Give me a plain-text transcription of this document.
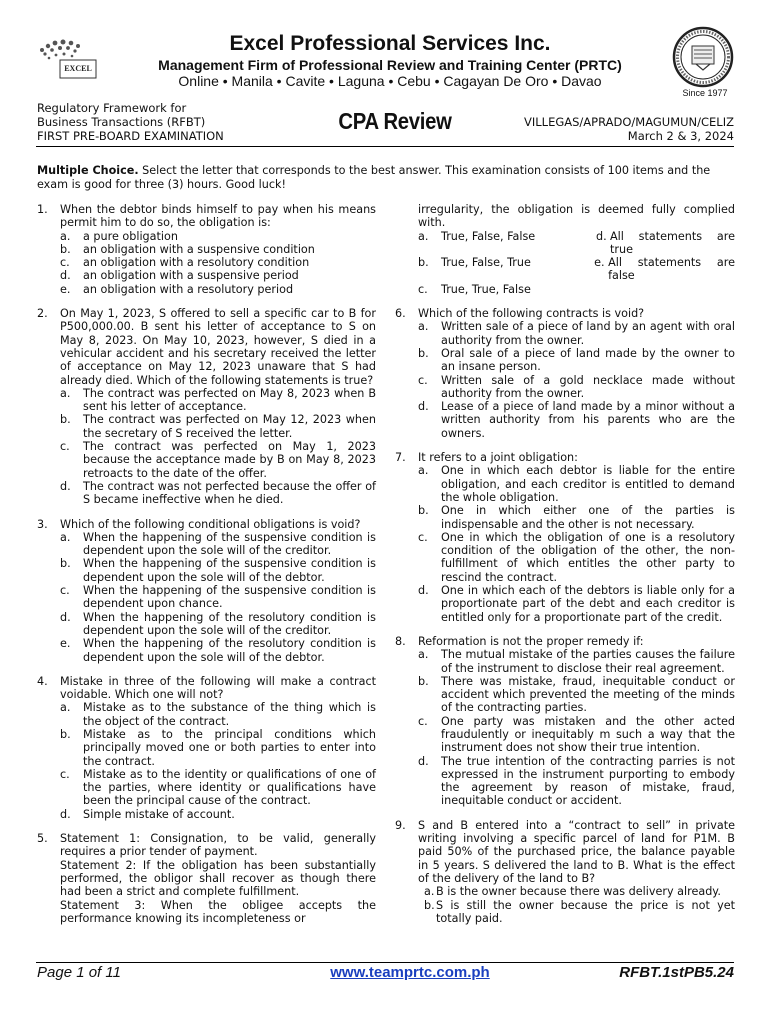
EXCEL
Since 1977
Excel Professional Services Inc.
Management Firm of Professional Review and Training Center (PRTC)
Online • Manila • Cavite • Laguna • Cebu • Cagayan De Oro • Davao
Regulatory Framework for
Business Transactions (RFBT)
FIRST PRE-BOARD EXAMINATION
CPA Review	VILLEGAS/APRADO/MAGUMUN/CELIZ
March 2 & 3, 2024
Multiple Choice. Select the letter that corresponds to the best answer. This examination consists of 100 items and the exam is good for three (3) hours. Good luck!
1. When the debtor binds himself to pay when his means permit him to do so, the obligation is:
a. a pure obligation
b. an obligation with a suspensive condition
c. an obligation with a resolutory condition
d. an obligation with a suspensive period
e. an obligation with a resolutory period
2. On May 1, 2023, S offered to sell a specific car to B for P500,000.00. B sent his letter of acceptance to S on May 8, 2023. On May 10, 2023, however, S died in a vehicular accident and his secretary received the letter of acceptance on May 12, 2023 unaware that S had already died. Which of the following statements is true?
a. The contract was perfected on May 8, 2023 when B sent his letter of acceptance.
b. The contract was perfected on May 12, 2023 when the secretary of S received the letter.
c. The contract was perfected on May 1, 2023 because the acceptance made by B on May 8, 2023 retroacts to the date of the offer.
d. The contract was not perfected because the offer of S became ineffective when he died.
3. Which of the following conditional obligations is void?
a. When the happening of the suspensive condition is dependent upon the sole will of the creditor.
b. When the happening of the suspensive condition is dependent upon the sole will of the debtor.
c. When the happening of the suspensive condition is dependent upon chance.
d. When the happening of the resolutory condition is dependent upon the sole will of the creditor.
e. When the happening of the resolutory condition is dependent upon the sole will of the debtor.
4. Mistake in three of the following will make a contract voidable. Which one will not?
a. Mistake as to the substance of the thing which is the object of the contract.
b. Mistake as to the principal conditions which principally moved one or both parties to enter into the contract.
c. Mistake as to the identity or qualifications of one of the parties, where identity or qualifications have been the principal cause of the contract.
d. Simple mistake of account.
5. Statement 1: Consignation, to be valid, generally requires a prior tender of payment.
Statement 2: If the obligation has been substantially performed, the obligor shall recover as though there had been a strict and complete fulfillment.
Statement 3: When the obligee accepts the performance knowing its incompleteness or
irregularity, the obligation is deemed fully complied with.
a. True, False, False	d. All statements are true
b. True, False, True	e. All statements are false
c. True, True, False
6. Which of the following contracts is void?
a. Written sale of a piece of land by an agent with oral authority from the owner.
b. Oral sale of a piece of land made by the owner to an insane person.
c. Written sale of a gold necklace made without authority from the owner.
d. Lease of a piece of land made by a minor without a written authority from his parents who are the owners.
7. It refers to a joint obligation:
a. One in which each debtor is liable for the entire obligation, and each creditor is entitled to demand the whole obligation.
b. One in which either one of the parties is indispensable and the other is not necessary.
c. One in which the obligation of one is a resolutory condition of the obligation of the other, the non-fulfillment of which entitles the other party to rescind the contract.
d. One in which each of the debtors is liable only for a proportionate part of the debt and each creditor is entitled only for a proportionate part of the credit.
8. Reformation is not the proper remedy if:
a. The mutual mistake of the parties causes the failure of the instrument to disclose their real agreement.
b. There was mistake, fraud, inequitable conduct or accident which prevented the meeting of the minds of the contracting parties.
c. One party was mistaken and the other acted fraudulently or inequitably m such a way that the instrument does not show their true intention.
d. The true intention of the contracting parries is not expressed in the instrument purporting to embody the agreement by reason of mistake, fraud, inequitable conduct or accident.
9. S and B entered into a “contract to sell” in private writing involving a specific parcel of land for P1M. B paid 50% of the purchased price, the balance payable in 5 years. S delivered the land to B. What is the effect of the delivery of the land to B?
a. B is the owner because there was delivery already.
b. S is still the owner because the price is not yet totally paid.
Page 1 of 11	www.teamprtc.com.ph	RFBT.1stPB5.24
